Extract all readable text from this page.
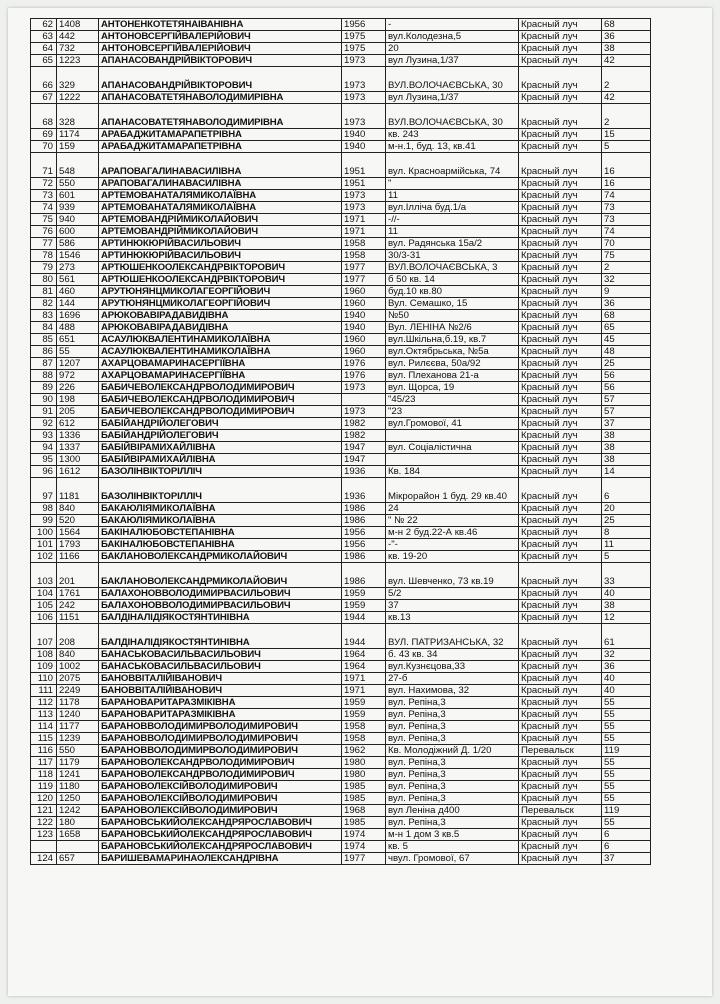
62	1408	АНТОНЕНКОТЕТЯНАІВАНІВНА	1956	-	Красный луч	68
63	442	АНТОНОВСЕРГІЙВАЛЕРІЙОВИЧ	1975	вул.Колодезна,5	Красный луч	36
64	732	АНТОНОВСЕРГІЙВАЛЕРІЙОВИЧ	1975	20	Красный луч	38
65	1223	АПАНАСОВАНДРІЙВІКТОРОВИЧ	1973	вул Лузина,1/37	Красный луч	42
66	329	АПАНАСОВАНДРІЙВІКТОРОВИЧ	1973	ВУЛ.ВОЛОЧАЄВСЬКА, 30	Красный луч	2
67	1222	АПАНАСОВАТЕТЯНАВОЛОДИМИРІВНА	1973	вул Лузина,1/37	Красный луч	42
68	328	АПАНАСОВАТЕТЯНАВОЛОДИМИРІВНА	1973	ВУЛ.ВОЛОЧАЄВСЬКА, 30	Красный луч	2
69	1174	АРАБАДЖИТАМАРАПЕТРІВНА	1940	кв. 243	Красный луч	15
70	159	АРАБАДЖИТАМАРАПЕТРІВНА	1940	м-н.1, буд. 13, кв.41	Красный луч	5
71	548	АРАПОВАГАЛИНАВАСИЛІВНА	1951	вул. Красноармійська, 74	Красный луч	16
72	550	АРАПОВАГАЛИНАВАСИЛІВНА	1951	"	Красный луч	16
73	601	АРТЕМОВАНАТАЛЯМИКОЛАЇВНА	1973	11	Красный луч	74
74	939	АРТЕМОВАНАТАЛЯМИКОЛАЇВНА	1973	вул.Ілліча буд.1/а	Красный луч	73
75	940	АРТЕМОВАНДРІЙМИКОЛАЙОВИЧ	1971	-//-	Красный луч	73
76	600	АРТЕМОВАНДРІЙМИКОЛАЙОВИЧ	1971	11	Красный луч	74
77	586	АРТИНЮКЮРІЙВАСИЛЬОВИЧ	1958	вул. Радянська 15а/2	Красный луч	70
78	1546	АРТИНЮКЮРІЙВАСИЛЬОВИЧ	1958	30/3-31	Красный луч	75
79	273	АРТЮШЕНКООЛЕКСАНДРВІКТОРОВИЧ	1977	ВУЛ.ВОЛОЧАЄВСЬКА, 3	Красный луч	2
80	561	АРТЮШЕНКООЛЕКСАНДРВІКТОРОВИЧ	1977	б 50 кв. 14	Красный луч	32
81	460	АРУТЮНЯНЦМИКОЛАГЕОРГІЙОВИЧ	1960	буд.10 кв.80	Красный луч	9
82	144	АРУТЮНЯНЦМИКОЛАГЕОРГІЙОВИЧ	1960	Вул. Семашко, 15	Красный луч	36
83	1696	АРЮКОВАВІРАДАВИДІВНА	1940	№50	Красный луч	68
84	488	АРЮКОВАВІРАДАВИДІВНА	1940	Вул. ЛЕНІНА №2/6	Красный луч	65
85	651	АСАУЛЮКВАЛЕНТИНАМИКОЛАЇВНА	1960	вул.Шкільна,б.19, кв.7	Красный луч	45
86	55	АСАУЛЮКВАЛЕНТИНАМИКОЛАЇВНА	1960	вул.Октябрьська, №5а	Красный луч	48
87	1207	АХАРЦОВАМАРИНАСЕРГІЇВНА	1976	вул. Рилєєва, 50а/92	Красный луч	25
88	972	АХАРЦОВАМАРИНАСЕРГІЇВНА	1976	вул. Плеханова 21-а	Красный луч	56
89	226	БАБИЧЕВОЛЕКСАНДРВОЛОДИМИРОВИЧ	1973	вул. Щорса, 19	Красный луч	56
90	198	БАБИЧЕВОЛЕКСАНДРВОЛОДИМИРОВИЧ		"45/23	Красный луч	57
91	205	БАБИЧЕВОЛЕКСАНДРВОЛОДИМИРОВИЧ	1973	"23	Красный луч	57
92	612	БАБІЙАНДРІЙОЛЕГОВИЧ	1982	вул.Громової, 41	Красный луч	37
93	1336	БАБІЙАНДРІЙОЛЕГОВИЧ	1982		Красный луч	38
94	1337	БАБІЙВІРАМИХАЙЛІВНА	1947	вул. Соціалістична	Красный луч	38
95	1300	БАБІЙВІРАМИХАЙЛІВНА	1947		Красный луч	38
96	1612	БАЗОЛІНВІКТОРІЛЛІЧ	1936	Кв. 184	Красный луч	14
97	1181	БАЗОЛІНВІКТОРІЛЛІЧ	1936	Мікрорайон 1 буд. 29 кв.40	Красный луч	6
98	840	БАКАЮЛІЯМИКОЛАЇВНА	1986	24	Красный луч	20
99	520	БАКАЮЛІЯМИКОЛАЇВНА	1986	" № 22	Красный луч	25
100	1564	БАКІНАЛЮБОВСТЕПАНІВНА	1956	м-н 2 буд.22-А кв.46	Красный луч	8
101	1793	БАКІНАЛЮБОВСТЕПАНІВНА	1956	-"-	Красный луч	11
102	1166	БАКЛАНОВОЛЕКСАНДРМИКОЛАЙОВИЧ	1986	кв. 19-20	Красный луч	5
103	201	БАКЛАНОВОЛЕКСАНДРМИКОЛАЙОВИЧ	1986	вул. Шевченко, 73 кв.19	Красный луч	33
104	1761	БАЛАХОНОВВОЛОДИМИРВАСИЛЬОВИЧ	1959	5/2	Красный луч	40
105	242	БАЛАХОНОВВОЛОДИМИРВАСИЛЬОВИЧ	1959	37	Красный луч	38
106	1151	БАЛДІНАЛІДІЯКОСТЯНТИНІВНА	1944	кв.13	Красный луч	12
107	208	БАЛДІНАЛІДІЯКОСТЯНТИНІВНА	1944	ВУЛ. ПАТРИЗАНСЬКА, 32	Красный луч	61
108	840	БАНАСЬКОВАСИЛЬВАСИЛЬОВИЧ	1964	б. 43 кв. 34	Красный луч	32
109	1002	БАНАСЬКОВАСИЛЬВАСИЛЬОВИЧ	1964	вул.Кузнєцова,33	Красный луч	36
110	2075	БАНОВВІТАЛІЙІВАНОВИЧ	1971	27-б	Красный луч	40
111	2249	БАНОВВІТАЛІЙІВАНОВИЧ	1971	вул. Нахимова, 32	Красный луч	40
112	1178	БАРАНОВАРИТАРАЗМІКІВНА	1959	вул. Репіна,3	Красный луч	55
113	1240	БАРАНОВАРИТАРАЗМІКІВНА	1959	вул. Репіна,3	Красный луч	55
114	1177	БАРАНОВВОЛОДИМИРВОЛОДИМИРОВИЧ	1958	вул. Репіна,3	Красный луч	55
115	1239	БАРАНОВВОЛОДИМИРВОЛОДИМИРОВИЧ	1958	вул. Репіна,3	Красный луч	55
116	550	БАРАНОВВОЛОДИМИРВОЛОДИМИРОВИЧ	1962	Кв. Молодіжний Д. 1/20	Перевальск	119
117	1179	БАРАНОВОЛЕКСАНДРВОЛОДИМИРОВИЧ	1980	вул. Репіна,3	Красный луч	55
118	1241	БАРАНОВОЛЕКСАНДРВОЛОДИМИРОВИЧ	1980	вул. Репіна,3	Красный луч	55
119	1180	БАРАНОВОЛЕКСІЙВОЛОДИМИРОВИЧ	1985	вул. Репіна,3	Красный луч	55
120	1250	БАРАНОВОЛЕКСІЙВОЛОДИМИРОВИЧ	1985	вул. Репіна,3	Красный луч	55
121	1242	БАРАНОВОЛЕКСІЙВОЛОДИМИРОВИЧ	1968	вул Леніна д400	Перевальск	119
122	180	БАРАНОВСЬКИЙОЛЕКСАНДРЯРОСЛАВОВИЧ	1985	вул. Репіна,3	Красный луч	55
123	1658	БАРАНОВСЬКИЙОЛЕКСАНДРЯРОСЛАВОВИЧ	1974	м-н 1 дом 3 кв.5	Красный луч	6
		БАРАНОВСЬКИЙОЛЕКСАНДРЯРОСЛАВОВИЧ	1974	кв. 5	Красный луч	6
124	657	БАРИШЕВАМАРИНАОЛЕКСАНДРІВНА	1977	чвул. Громової, 67	Красный луч	37
